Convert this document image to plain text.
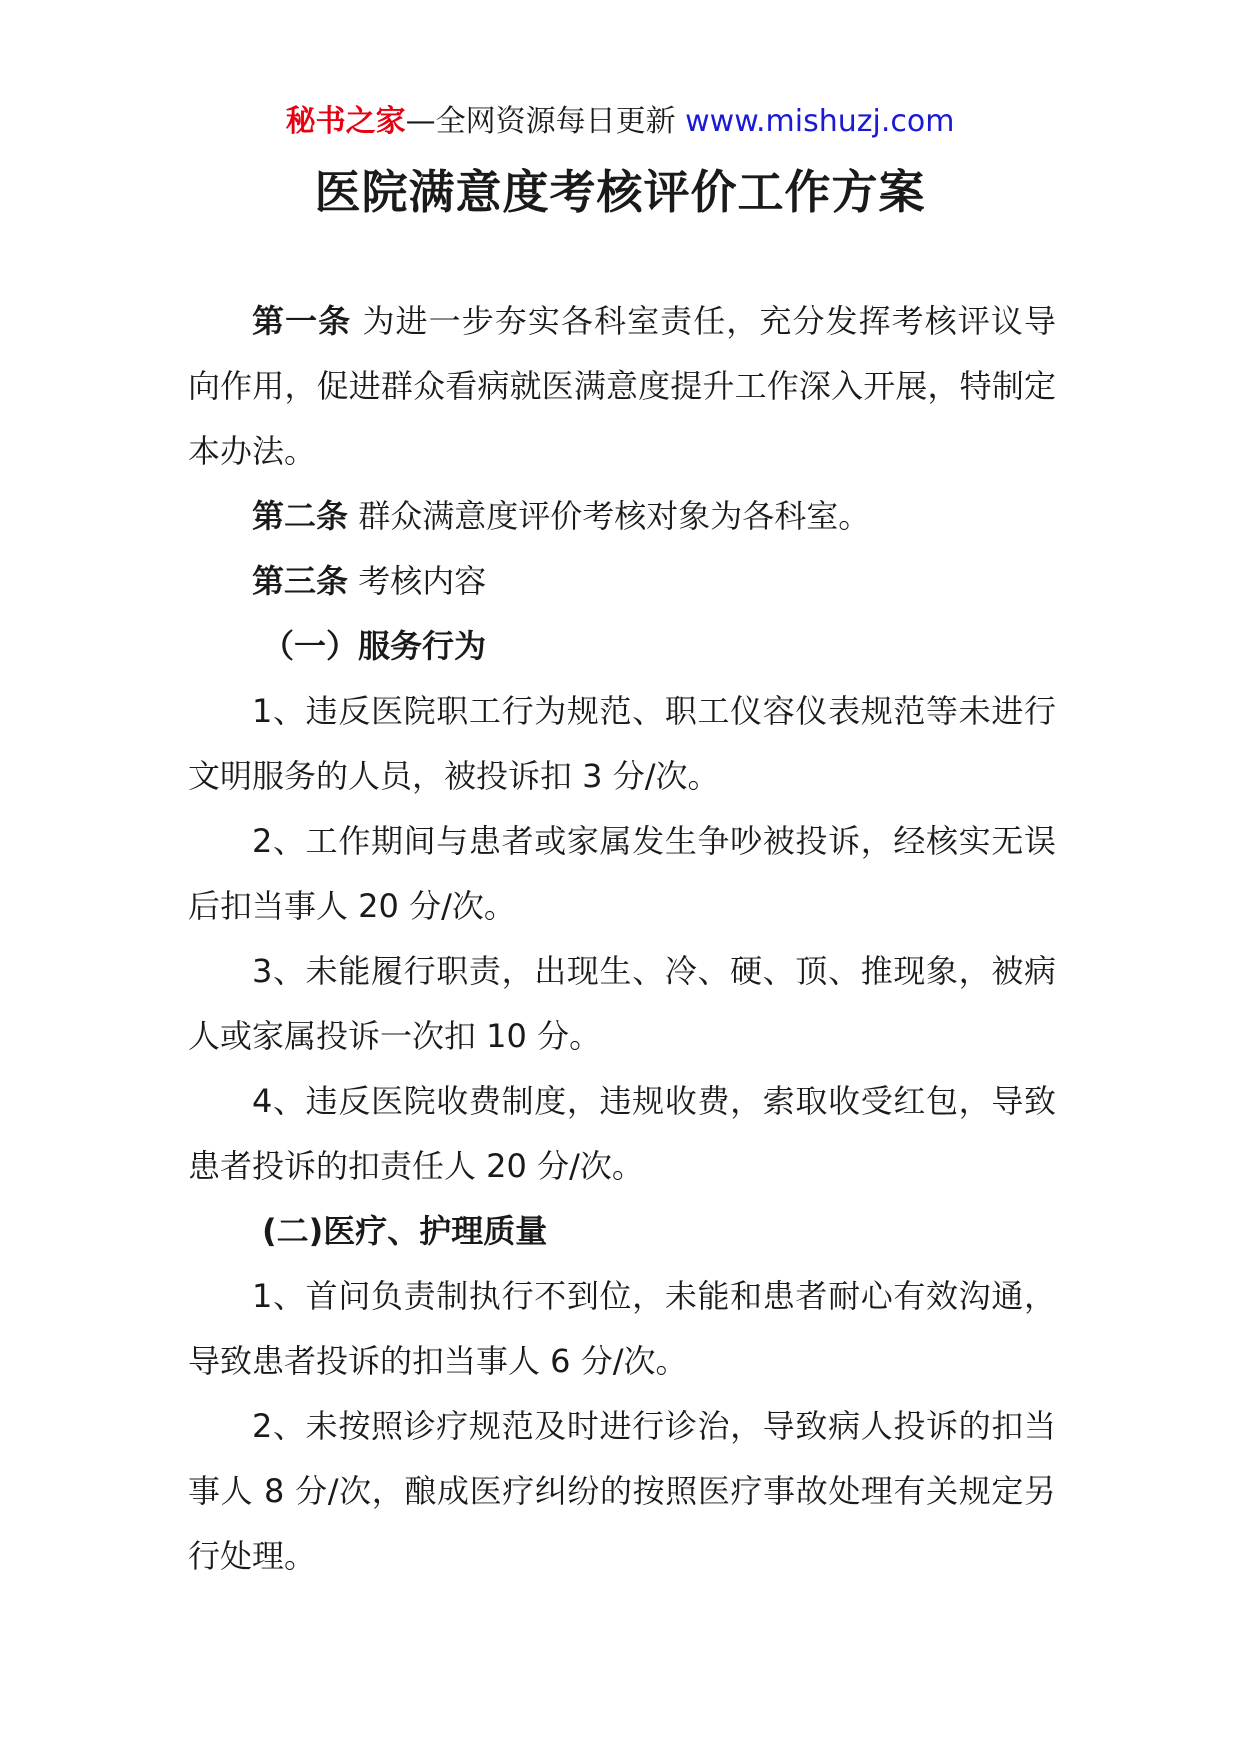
秘书之家—全网资源每日更新 www.mishuzj.com
医院满意度考核评价工作方案

第一条 为进一步夯实各科室责任，充分发挥考核评议导向作用，促进群众看病就医满意度提升工作深入开展，特制定本办法。

第二条 群众满意度评价考核对象为各科室。

第三条 考核内容

（一）服务行为

1、违反医院职工行为规范、职工仪容仪表规范等未进行文明服务的人员，被投诉扣 3 分/次。

2、工作期间与患者或家属发生争吵被投诉，经核实无误后扣当事人 20 分/次。

3、未能履行职责，出现生、冷、硬、顶、推现象，被病人或家属投诉一次扣 10 分。

4、违反医院收费制度，违规收费，索取收受红包，导致患者投诉的扣责任人 20 分/次。

(二)医疗、护理质量

1、首问负责制执行不到位，未能和患者耐心有效沟通，导致患者投诉的扣当事人 6 分/次。

2、未按照诊疗规范及时进行诊治，导致病人投诉的扣当事人 8 分/次，酿成医疗纠纷的按照医疗事故处理有关规定另行处理。
